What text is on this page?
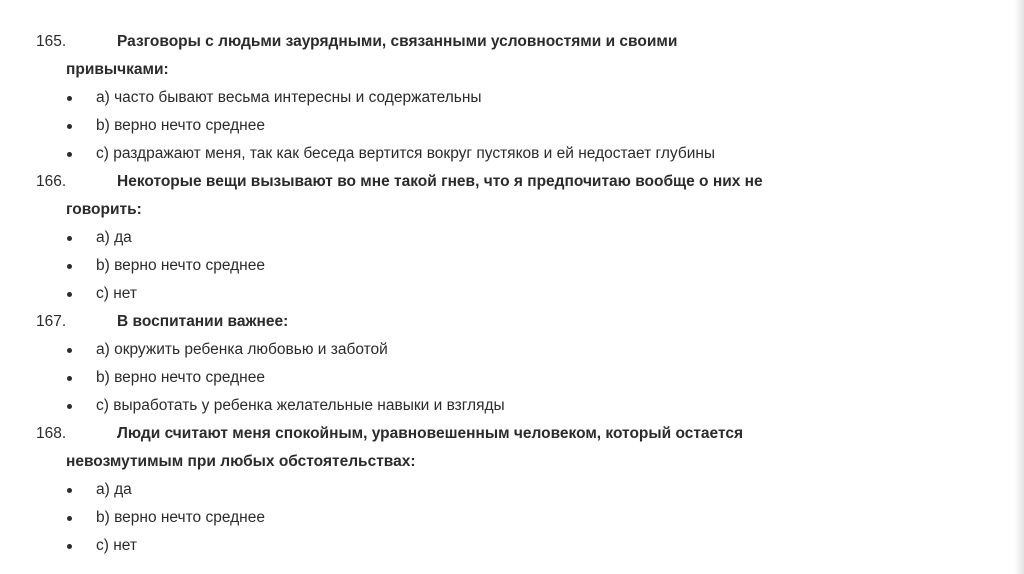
165.	Разговоры с людьми заурядными, связанными условностями и своими
привычками:
a) часто бывают весьма интересны и содержательны
b) верно нечто среднее
c) раздражают меня, так как беседа вертится вокруг пустяков и ей недостает глубины
166.	Некоторые вещи вызывают во мне такой гнев, что я предпочитаю вообще о них не
говорить:
a) да
b) верно нечто среднее
c) нет
167.	В воспитании важнее:
a) окружить ребенка любовью и заботой
b) верно нечто среднее
c) выработать у ребенка желательные навыки и взгляды
168.	Люди считают меня спокойным, уравновешенным человеком, который остается
невозмутимым при любых обстоятельствах:
a) да
b) верно нечто среднее
c) нет
